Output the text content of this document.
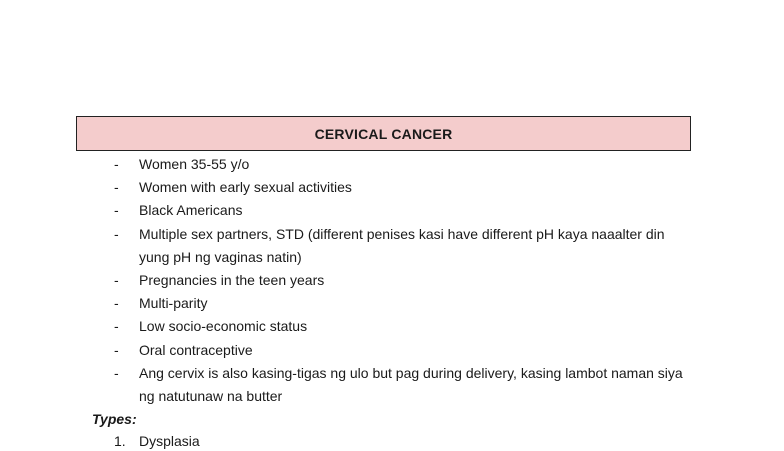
CERVICAL CANCER
- Women 35-55 y/o
- Women with early sexual activities
- Black Americans
- Multiple sex partners, STD (different penises kasi have different pH kaya naaalter din yung pH ng vaginas natin)
- Pregnancies in the teen years
- Multi-parity
- Low socio-economic status
- Oral contraceptive
- Ang cervix is also kasing-tigas ng ulo but pag during delivery, kasing lambot naman siya ng natutunaw na butter
Types:
1. Dysplasia
